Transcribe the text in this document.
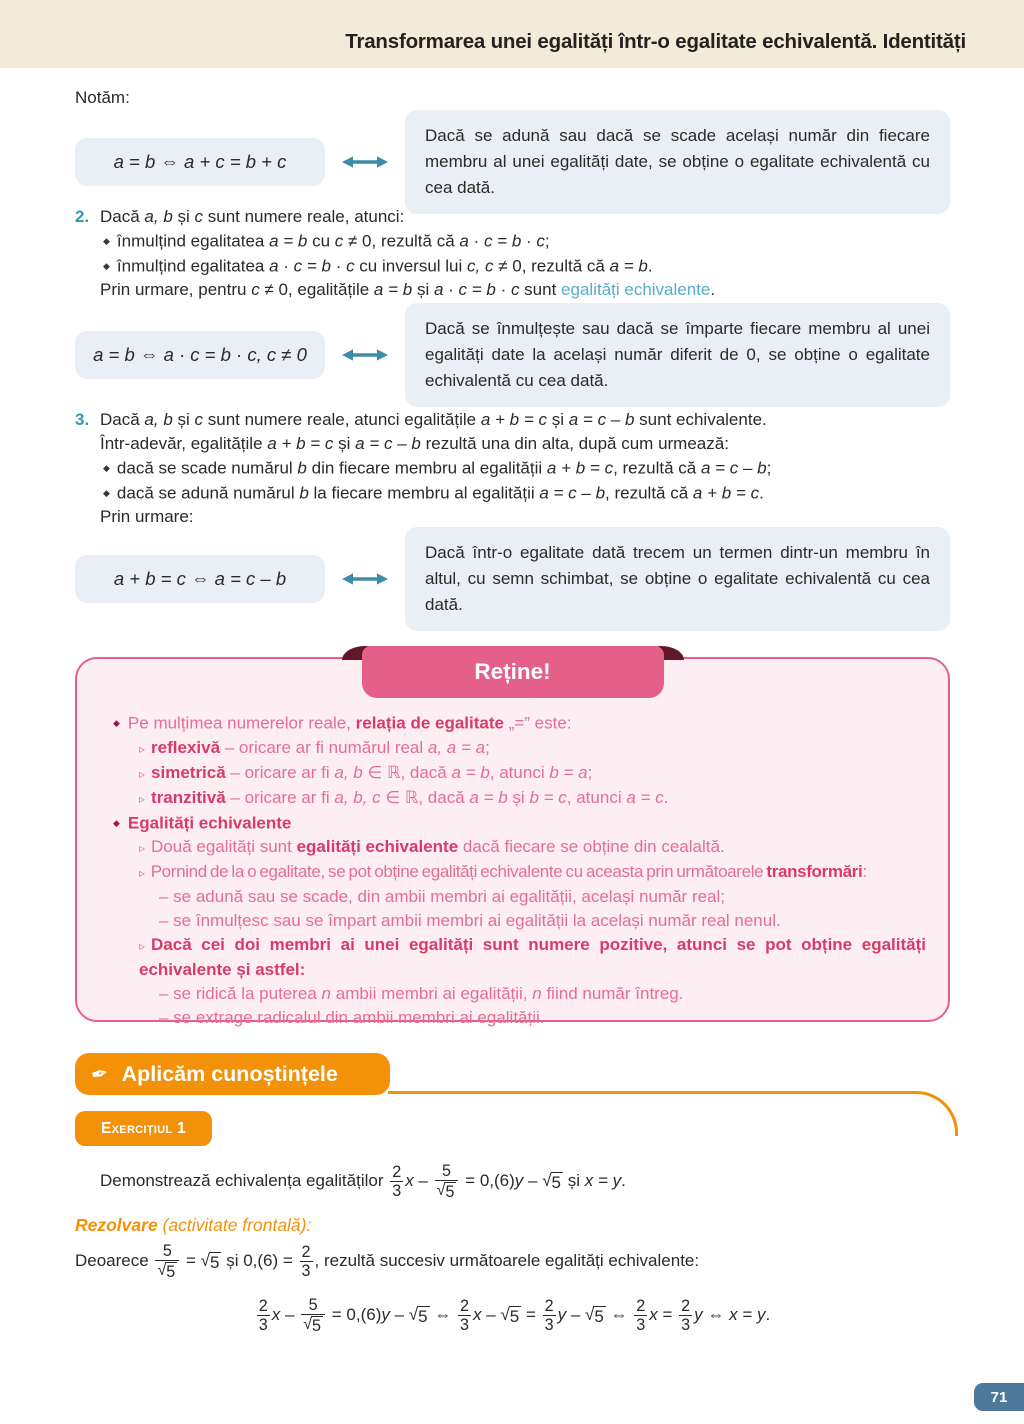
Transformarea unei egalități într-o egalitate echivalentă. Identități
Notăm:
a = b ⇔ a + c = b + c
Dacă se adună sau dacă se scade același număr din fiecare membru al unei egalități date, se obține o egalitate echivalentă cu cea dată.
2. Dacă a, b și c sunt numere reale, atunci:
◆ înmulțind egalitatea a = b cu c ≠ 0, rezultă că a · c = b · c;
◆ înmulțind egalitatea a · c = b · c cu inversul lui c, c ≠ 0, rezultă că a = b.
Prin urmare, pentru c ≠ 0, egalitățile a = b și a · c = b · c sunt egalități echivalente.
a = b ⇔ a · c = b · c, c ≠ 0
Dacă se înmulțește sau dacă se împarte fiecare membru al unei egalități date la același număr diferit de 0, se obține o egalitate echivalentă cu cea dată.
3. Dacă a, b și c sunt numere reale, atunci egalitățile a + b = c și a = c – b sunt echivalente.
Într-adevăr, egalitățile a + b = c și a = c – b rezultă una din alta, după cum urmează:
◆ dacă se scade numărul b din fiecare membru al egalității a + b = c, rezultă că a = c – b;
◆ dacă se adună numărul b la fiecare membru al egalității a = c – b, rezultă că a + b = c.
Prin urmare:
a + b = c ⇔ a = c – b
Dacă într-o egalitate dată trecem un termen dintr-un membru în altul, cu semn schimbat, se obține o egalitate echivalentă cu cea dată.
Reține!
◆ Pe mulțimea numerelor reale, relația de egalitate „=” este:
▹ reflexivă – oricare ar fi numărul real a, a = a;
▹ simetrică – oricare ar fi a, b ∈ ℝ, dacă a = b, atunci b = a;
▹ tranzitivă – oricare ar fi a, b, c ∈ ℝ, dacă a = b și b = c, atunci a = c.
◆ Egalități echivalente
▹ Două egalități sunt egalități echivalente dacă fiecare se obține din cealaltă.
▹ Pornind de la o egalitate, se pot obține egalități echivalente cu aceasta prin următoarele transformări:
– se adună sau se scade, din ambii membri ai egalității, același număr real;
– se înmulțesc sau se împart ambii membri ai egalității la același număr real nenul.
▹ Dacă cei doi membri ai unei egalități sunt numere pozitive, atunci se pot obține egalități echivalente și astfel:
– se ridică la puterea n ambii membri ai egalității, n fiind număr întreg.
– se extrage radicalul din ambii membri ai egalității.
✒ Aplicăm cunoștințele
Exercițiul 1
Demonstrează echivalența egalităților $\frac{2}{3}$ $x - \frac{5}{√ 5} = 0,(6)y$ – √ 5 și x = y.
Rezolvare (activitate frontală):
Deoarece $\frac{5}{√ 5}$ = √ 5 și $0,(6) = \frac{2}{3}$ , rezultă succesiv următoarele egalități echivalente:
$\frac{2}{3}$ $x - \frac{5}{√ 5} = 0,(6)y$ – √ 5 ⇔ $\frac{2}{3}$ x – √ $5 = \frac{2}{3}$ y – √ 5 ⇔ $\frac{2}{3}$ $x = \frac{2}{3}$ y ⇔ x = y.
71
